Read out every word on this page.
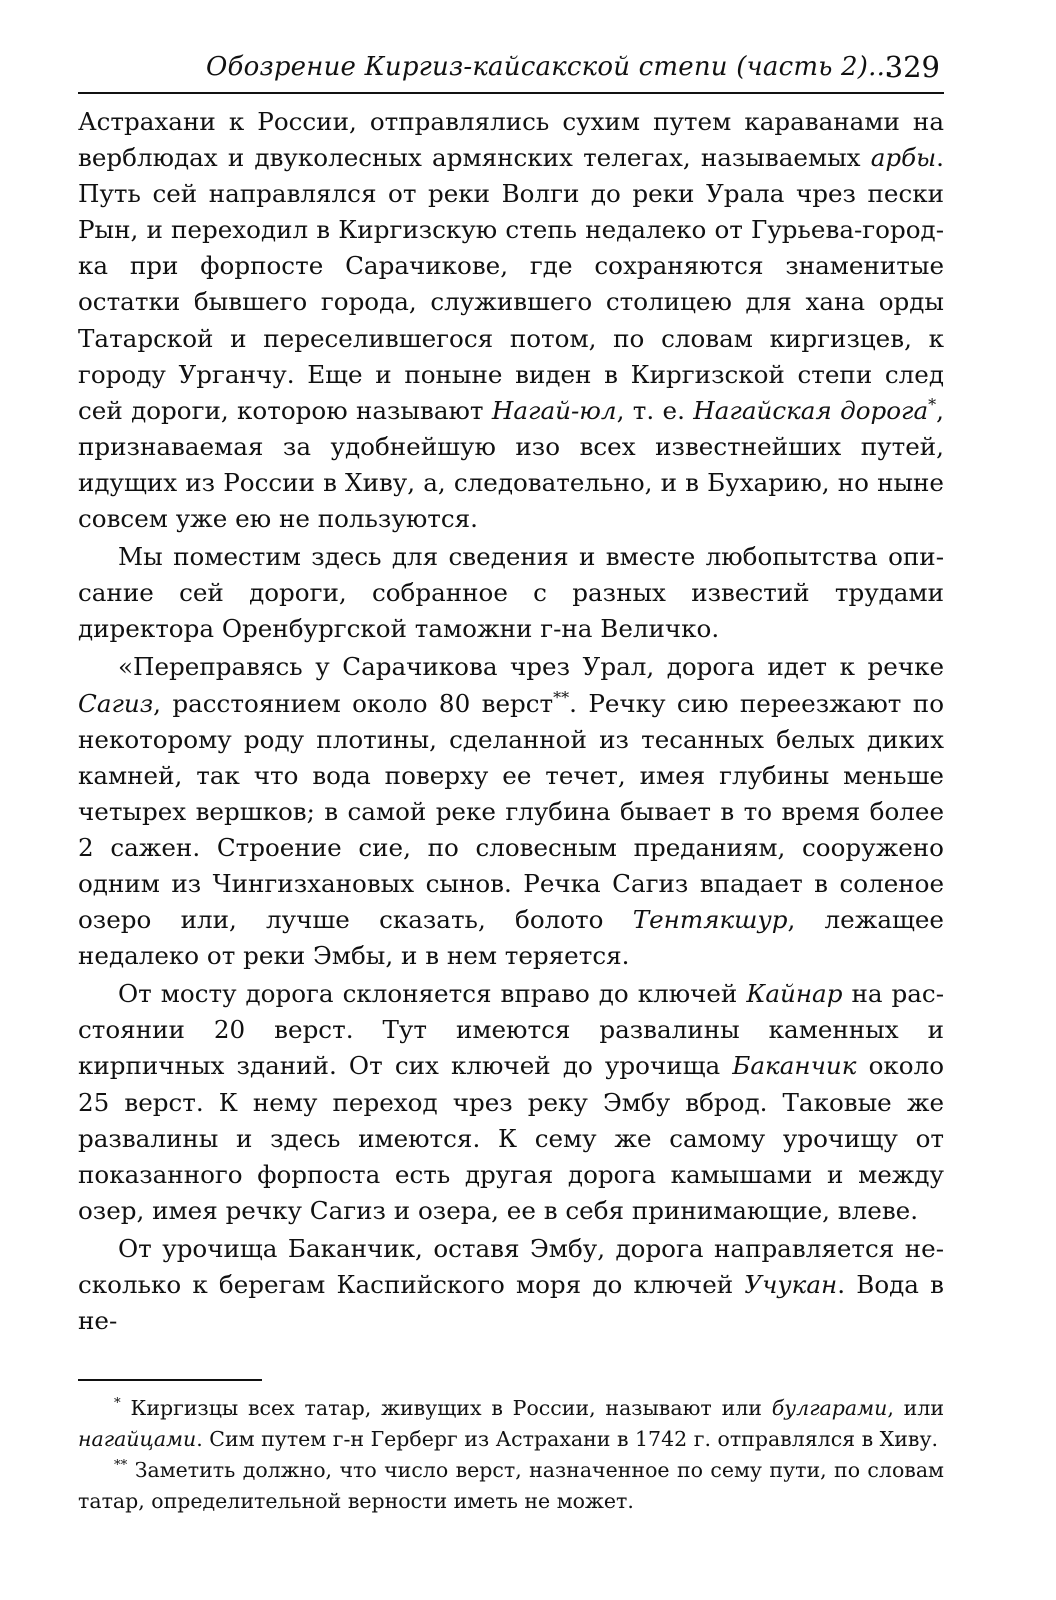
Обозрение Киргиз-кайсакской степи (часть 2)...
329

Астрахани к России, отправлялись сухим путем караванами на верблюдах и двуколесных армянских телегах, называемых арбы. Путь сей направлялся от реки Волги до реки Урала чрез пески Рын, и переходил в Киргизскую степь недалеко от Гурьева-городка при форпосте Сарачикове, где сохраняются знаменитые остатки бывшего города, служившего столицею для хана орды Татарской и переселившегося потом, по словам киргизцев, к городу Урганчу. Еще и поныне виден в Киргизской степи след сей дороги, которою называют Нагай-юл, т. е. Нагайская дорога*, признаваемая за удобнейшую изо всех известнейших путей, идущих из России в Хиву, а, следовательно, и в Бухарию, но ныне совсем уже ею не пользуются.

Мы поместим здесь для сведения и вместе любопытства описание сей дороги, собранное с разных известий трудами директора Оренбургской таможни г-на Величко.

«Переправясь у Сарачикова чрез Урал, дорога идет к речке Сагиз, расстоянием около 80 верст**. Речку сию переезжают по некоторому роду плотины, сделанной из тесанных белых диких камней, так что вода поверху ее течет, имея глубины меньше четырех вершков; в самой реке глубина бывает в то время более 2 сажен. Строение сие, по словесным преданиям, сооружено одним из Чингизхановых сынов. Речка Сагиз впадает в соленое озеро или, лучше сказать, болото Тентякшур, лежащее недалеко от реки Эмбы, и в нем теряется.

От мосту дорога склоняется вправо до ключей Кайнар на расстоянии 20 верст. Тут имеются развалины каменных и кирпичных зданий. От сих ключей до урочища Баканчик около 25 верст. К нему переход чрез реку Эмбу вброд. Таковые же развалины и здесь имеются. К сему же самому урочищу от показанного форпоста есть другая дорога камышами и между озер, имея речку Сагиз и озера, ее в себя принимающие, влеве.

От урочища Баканчик, оставя Эмбу, дорога направляется несколько к берегам Каспийского моря до ключей Учукан. Вода в не-

* Киргизцы всех татар, живущих в России, называют или булгарами, или нагайцами. Сим путем г-н Герберг из Астрахани в 1742 г. отправлялся в Хиву.

** Заметить должно, что число верст, назначенное по сему пути, по словам татар, определительной верности иметь не может.
